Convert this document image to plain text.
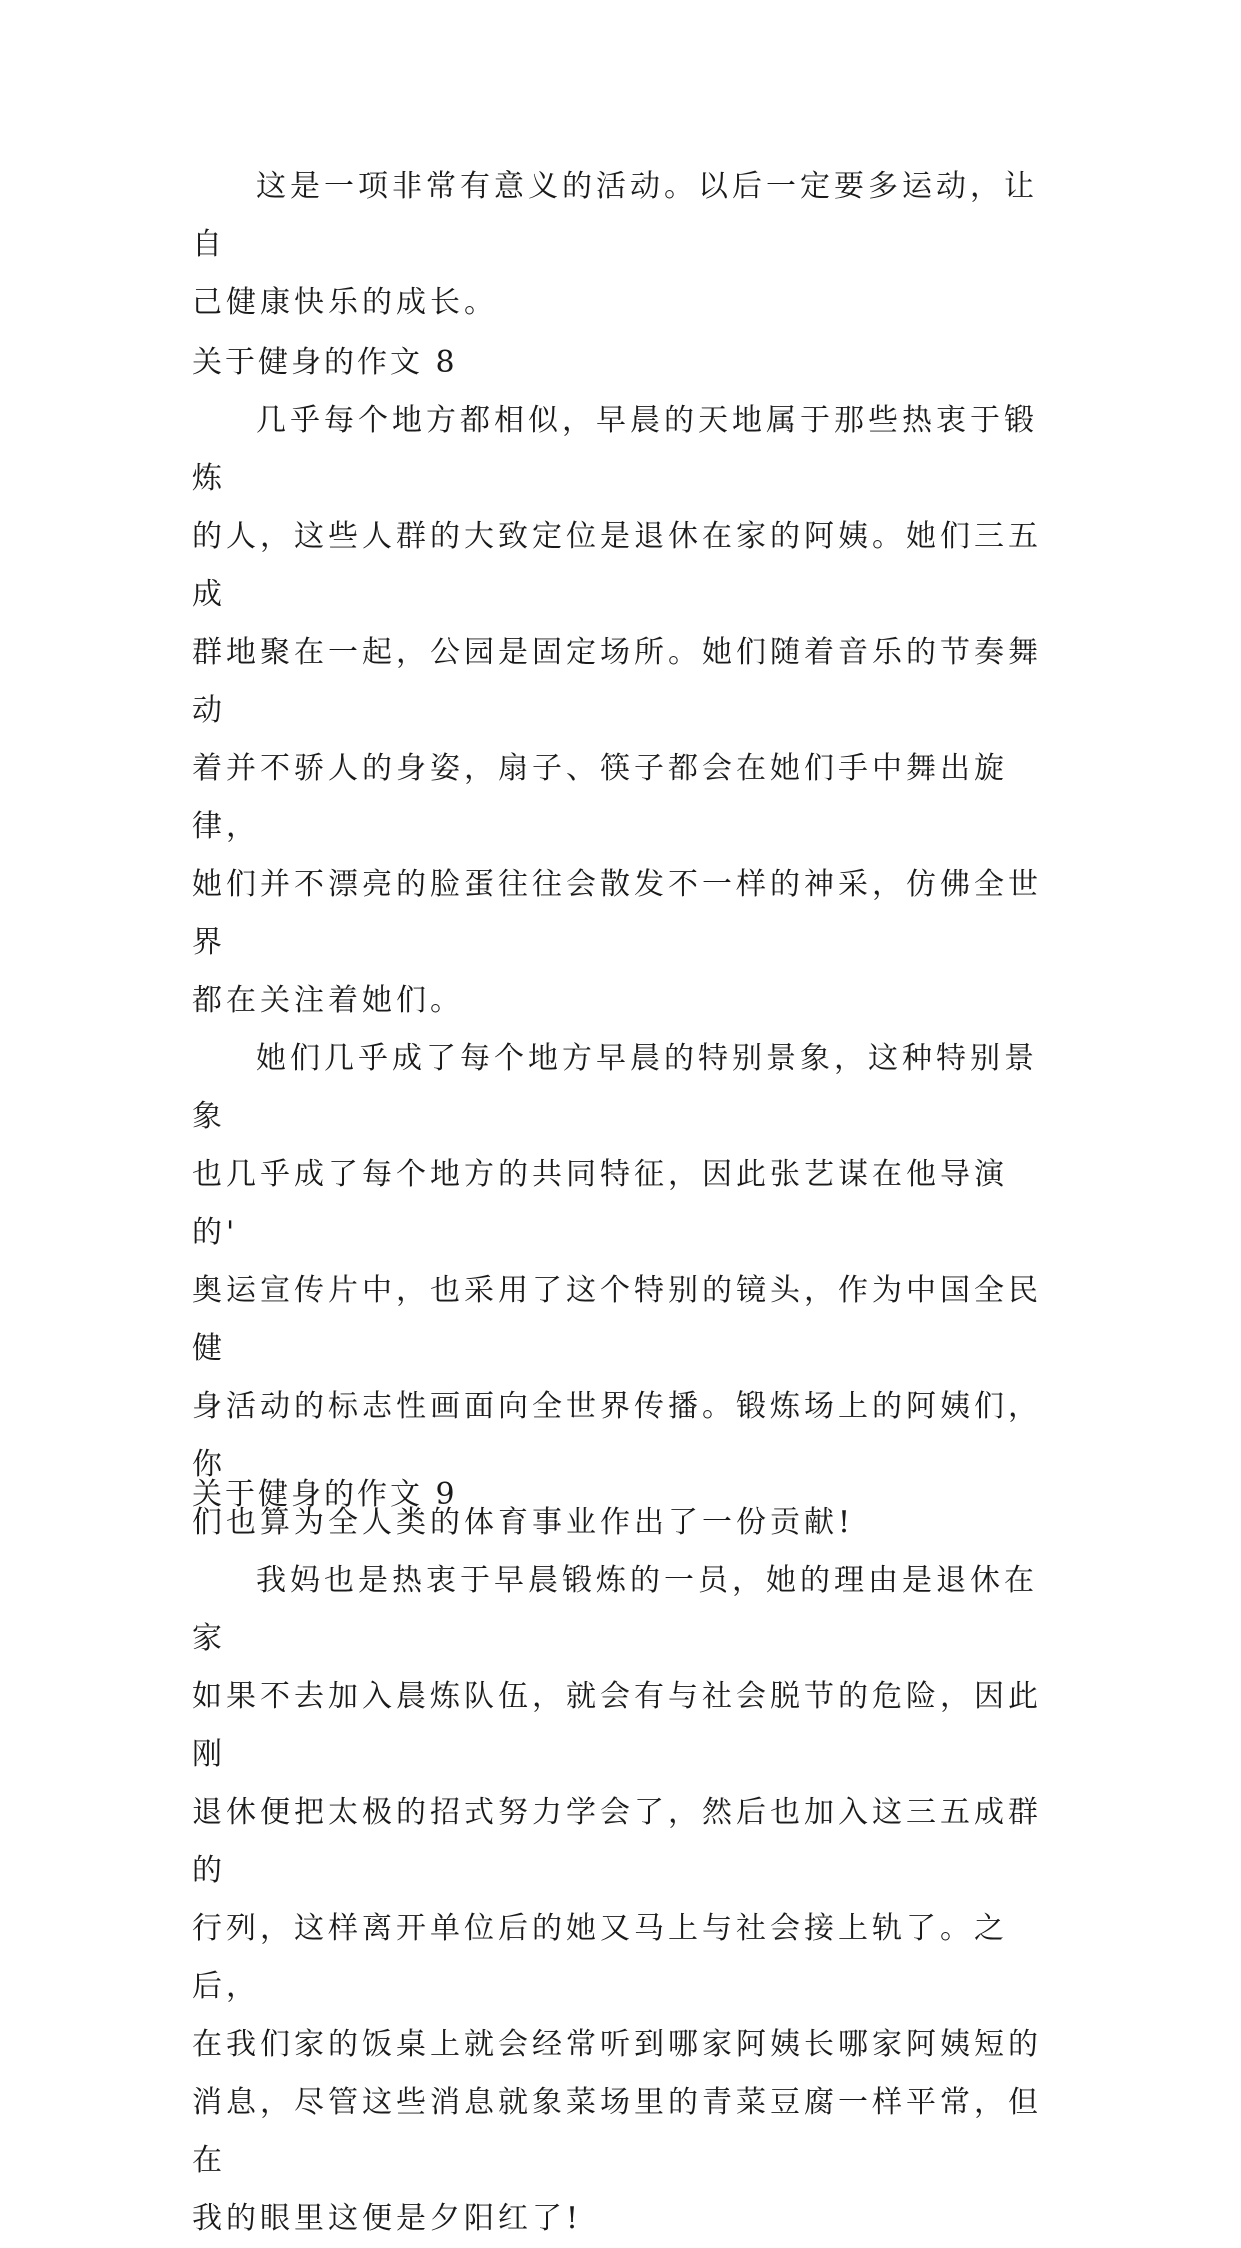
这是一项非常有意义的活动。以后一定要多运动，让自
己健康快乐的成长。

关于健身的作文 8

几乎每个地方都相似，早晨的天地属于那些热衷于锻炼
的人，这些人群的大致定位是退休在家的阿姨。她们三五成
群地聚在一起，公园是固定场所。她们随着音乐的节奏舞动
着并不骄人的身姿，扇子、筷子都会在她们手中舞出旋律，
她们并不漂亮的脸蛋往往会散发不一样的神采，仿佛全世界
都在关注着她们。

她们几乎成了每个地方早晨的特别景象，这种特别景象
也几乎成了每个地方的共同特征，因此张艺谋在他导演的'
奥运宣传片中，也采用了这个特别的镜头，作为中国全民健
身活动的标志性画面向全世界传播。锻炼场上的阿姨们，你
们也算为全人类的体育事业作出了一份贡献!

我妈也是热衷于早晨锻炼的一员，她的理由是退休在家
如果不去加入晨炼队伍，就会有与社会脱节的危险，因此刚
退休便把太极的招式努力学会了，然后也加入这三五成群的
行列，这样离开单位后的她又马上与社会接上轨了。之后，
在我们家的饭桌上就会经常听到哪家阿姨长哪家阿姨短的
消息，尽管这些消息就象菜场里的青菜豆腐一样平常，但在
我的眼里这便是夕阳红了!

关于健身的作文 9
